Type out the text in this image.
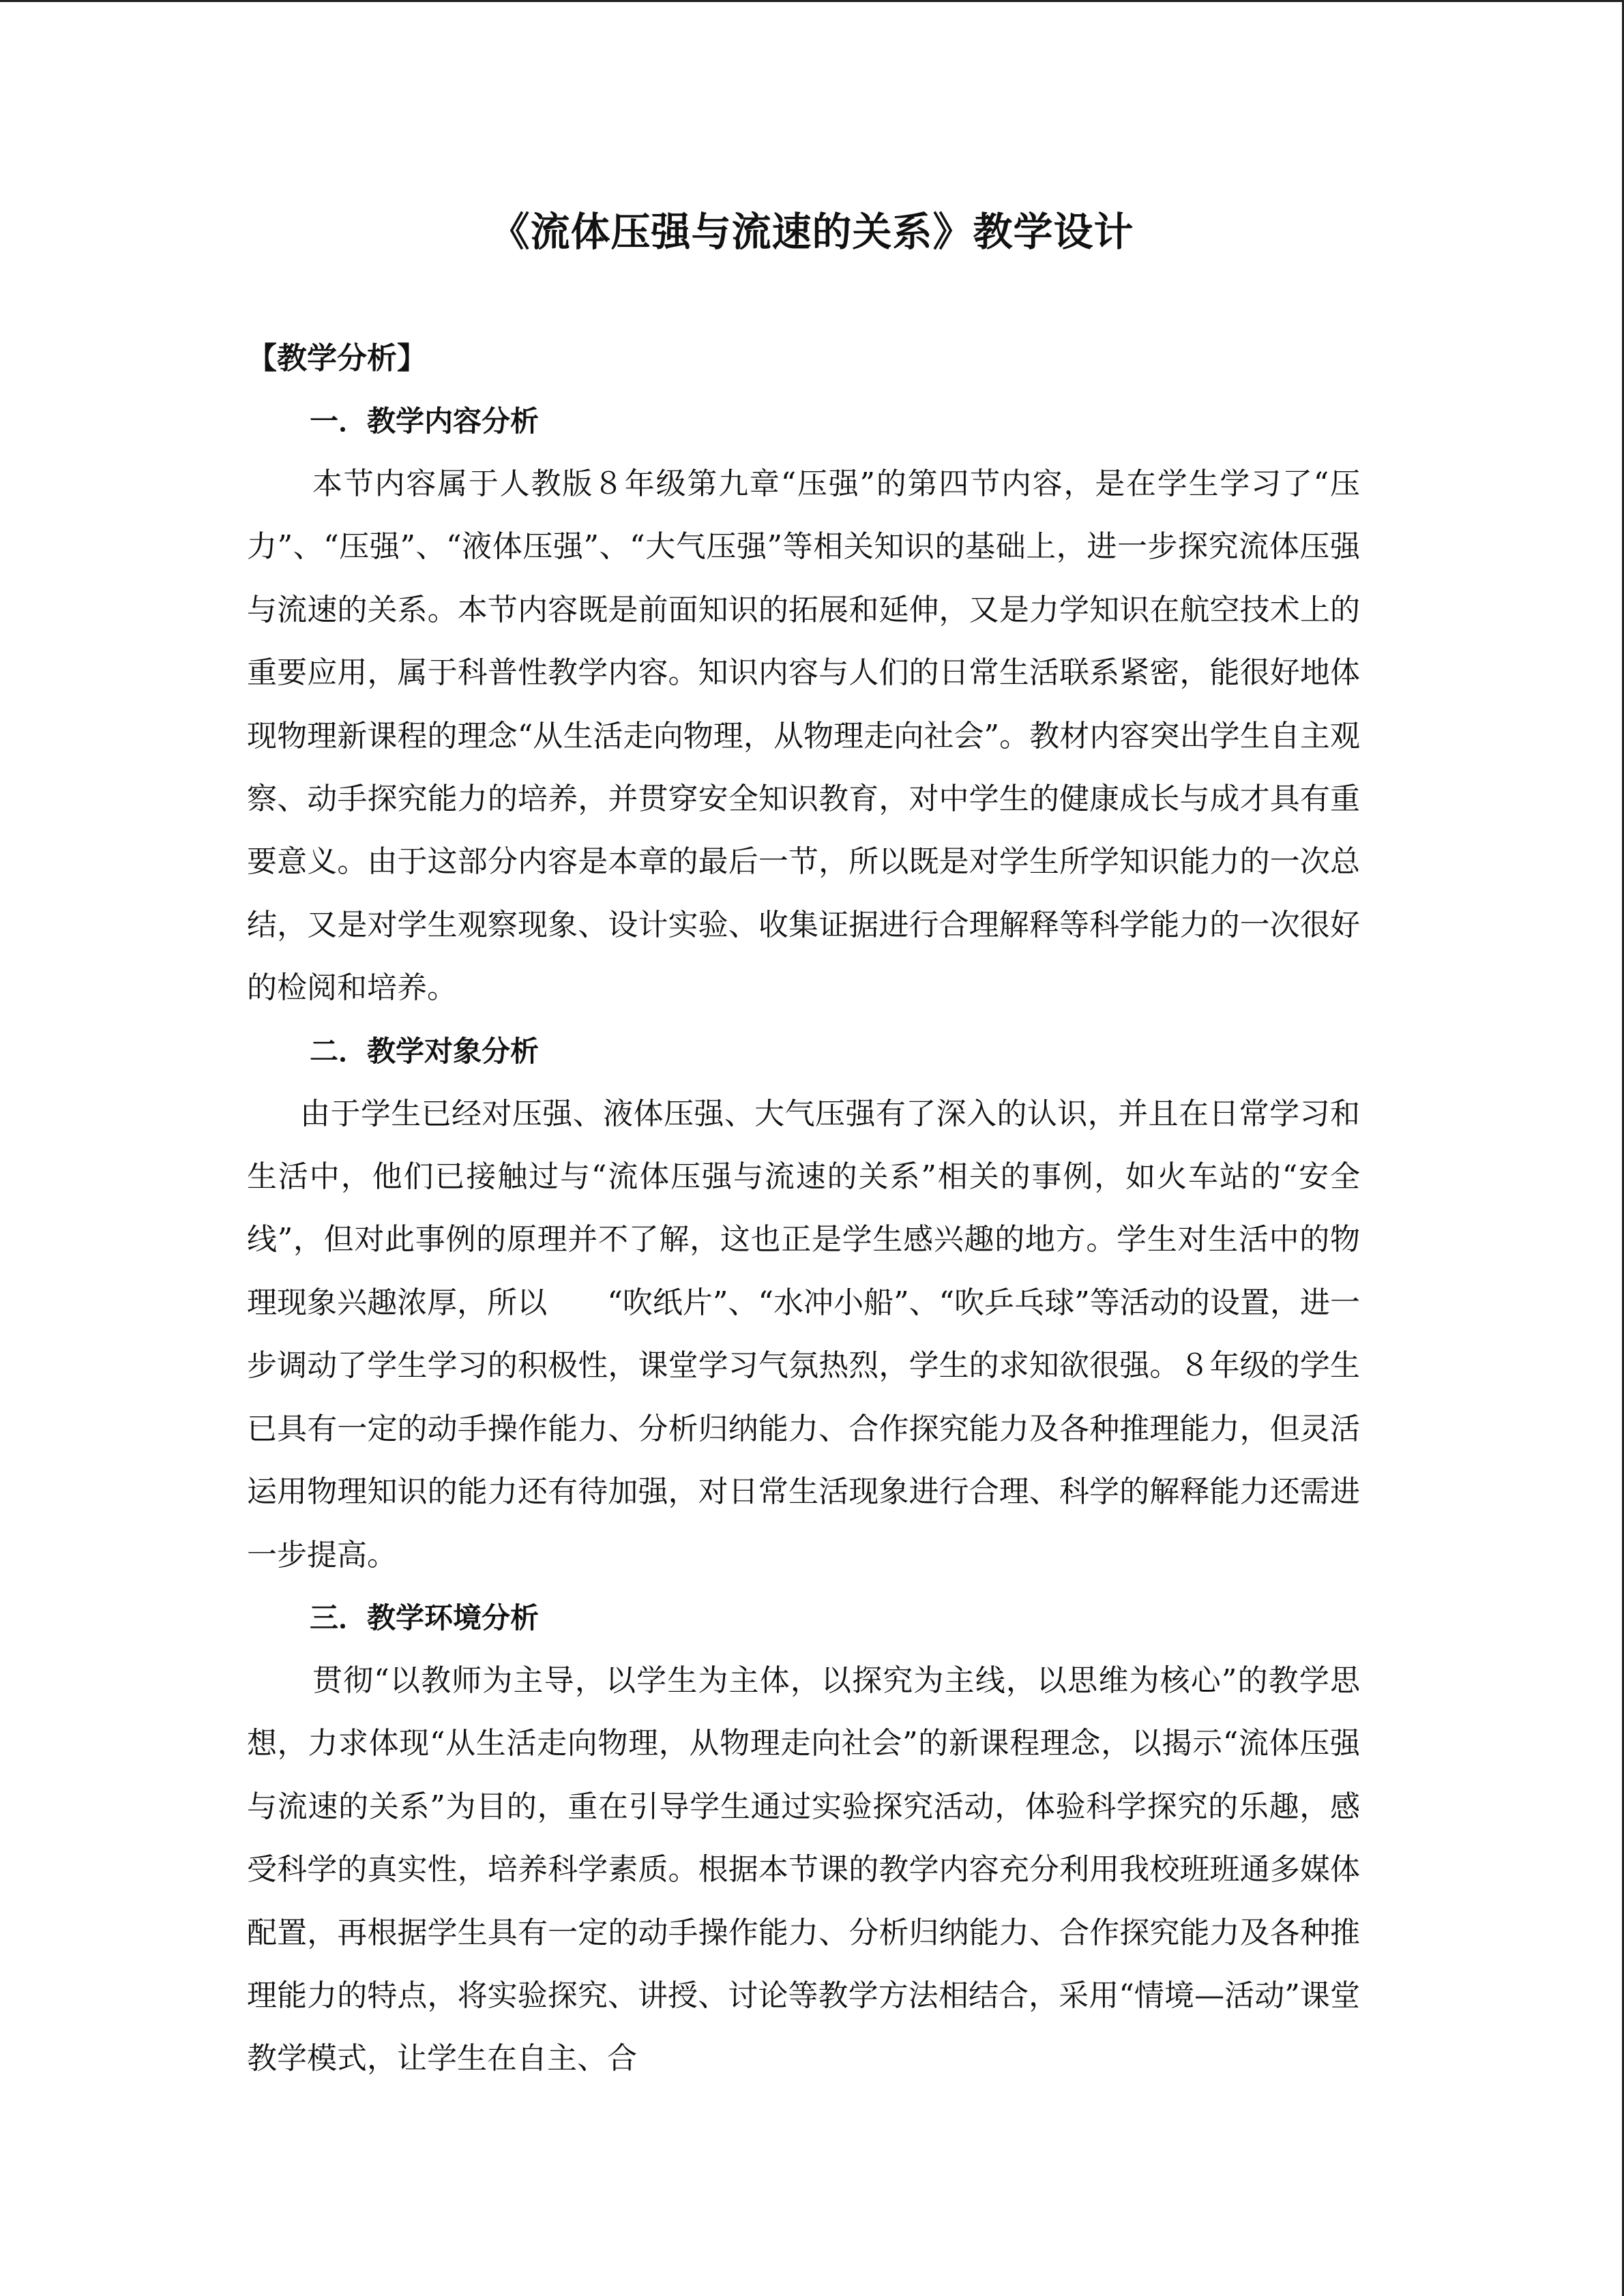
《流体压强与流速的关系》教学设计

【教学分析】

一．教学内容分析

本节内容属于人教版８年级第九章“压强”的第四节内容，是在学生学习了“压力”、“压强”、“液体压强”、“大气压强”等相关知识的基础上，进一步探究流体压强与流速的关系。本节内容既是前面知识的拓展和延伸，又是力学知识在航空技术上的重要应用，属于科普性教学内容。知识内容与人们的日常生活联系紧密，能很好地体现物理新课程的理念“从生活走向物理，从物理走向社会”。教材内容突出学生自主观察、动手探究能力的培养，并贯穿安全知识教育，对中学生的健康成长与成才具有重要意义。由于这部分内容是本章的最后一节，所以既是对学生所学知识能力的一次总结，又是对学生观察现象、设计实验、收集证据进行合理解释等科学能力的一次很好的检阅和培养。

二．教学对象分析

由于学生已经对压强、液体压强、大气压强有了深入的认识，并且在日常学习和生活中，他们已接触过与“流体压强与流速的关系”相关的事例，如火车站的“安全线”，但对此事例的原理并不了解，这也正是学生感兴趣的地方。学生对生活中的物理现象兴趣浓厚，所以　　“吹纸片”、“水冲小船”、“吹乒乓球”等活动的设置，进一步调动了学生学习的积极性，课堂学习气氛热烈，学生的求知欲很强。８年级的学生已具有一定的动手操作能力、分析归纳能力、合作探究能力及各种推理能力，但灵活运用物理知识的能力还有待加强，对日常生活现象进行合理、科学的解释能力还需进一步提高。

三．教学环境分析

贯彻“以教师为主导，以学生为主体，以探究为主线，以思维为核心”的教学思想，力求体现“从生活走向物理，从物理走向社会”的新课程理念，以揭示“流体压强与流速的关系”为目的，重在引导学生通过实验探究活动，体验科学探究的乐趣，感受科学的真实性，培养科学素质。根据本节课的教学内容充分利用我校班班通多媒体配置，再根据学生具有一定的动手操作能力、分析归纳能力、合作探究能力及各种推理能力的特点，将实验探究、讲授、讨论等教学方法相结合，采用“情境—活动”课堂教学模式，让学生在自主、合
